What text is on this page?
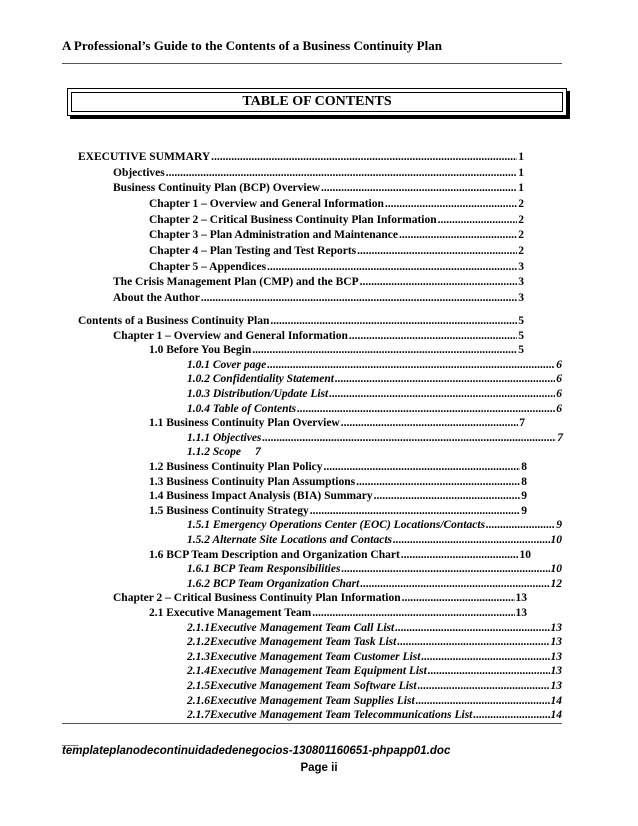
A Professional’s Guide to the Contents of a Business Continuity Plan
TABLE OF CONTENTS
EXECUTIVE SUMMARY .....	1
Objectives .....	1
Business Continuity Plan (BCP) Overview .....	1
Chapter 1 – Overview and General Information .....	2
Chapter 2 – Critical Business Continuity Plan Information .....	2
Chapter 3 – Plan Administration and Maintenance .....	2
Chapter 4 – Plan Testing and Test Reports .....	2
Chapter 5 – Appendices .....	3
The Crisis Management Plan (CMP) and the BCP .....	3
About the Author .....	3
Contents of a Business Continuity Plan .....	5
Chapter 1 – Overview and General Information .....	5
1.0 Before You Begin .....	5
1.0.1 Cover page .....	6
1.0.2 Confidentiality Statement .....	6
1.0.3 Distribution/Update List .....	6
1.0.4 Table of Contents .....	6
1.1 Business Continuity Plan Overview .....	7
1.1.1 Objectives .....	7
1.1.2 Scope 7
1.2 Business Continuity Plan Policy .....	8
1.3 Business Continuity Plan Assumptions .....	8
1.4 Business Impact Analysis (BIA) Summary .....	9
1.5 Business Continuity Strategy .....	9
1.5.1 Emergency Operations Center (EOC) Locations/Contacts .....	9
1.5.2 Alternate Site Locations and Contacts .....	10
1.6 BCP Team Description and Organization Chart .....	10
1.6.1 BCP Team Responsibilities .....	10
1.6.2 BCP Team Organization Chart .....	12
Chapter 2 – Critical Business Continuity Plan Information .....	13
2.1 Executive Management Team .....	13
2.1.1Executive Management Team Call List .....	13
2.1.2Executive Management Team Task List .....	13
2.1.3Executive Management Team Customer List .....	13
2.1.4Executive Management Team Equipment List .....	13
2.1.5Executive Management Team Software List .....	13
2.1.6Executive Management Team Supplies List .....	14
2.1.7Executive Management Team Telecommunications List .....	14
___
templateplanodecontinuidadedenegocios-130801160651-phpapp01.doc
Page ii
